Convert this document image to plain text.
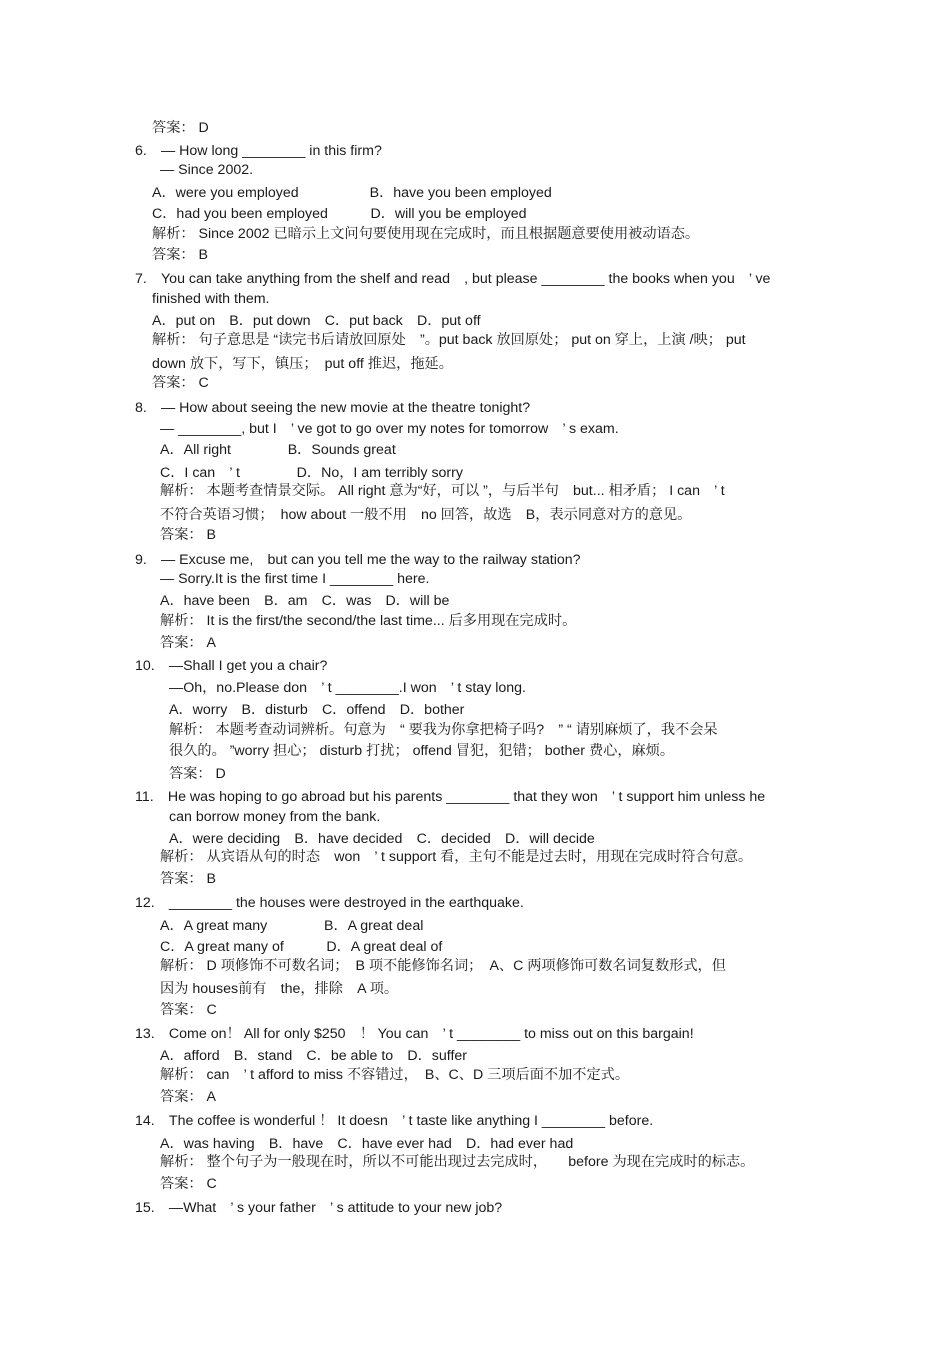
答案： D
6.　— How long ________ in this firm?
— Since 2002.
A．were you employed　　　　　B．have you been employed
C．had you been employed　　　D．will you be employed
解析： Since 2002 已暗示上文问句要使用现在完成时，而且根据题意要使用被动语态。
答案： B
7.　You can take anything from the shelf and read　, but please ________ the books when you　’ ve
finished with them.
A．put on　B．put down　C．put back　D．put off
解析： 句子意思是 “读完书后请放回原处　”。put back 放回原处； put on 穿上，上演 /映； put
down 放下，写下，镇压；　put off 推迟，拖延。
答案： C
8.　— How about seeing the new movie at the theatre tonight?
— ________, but I　’ ve got to go over my notes for tomorrow　’ s exam.
A．All right　　　　B．Sounds great
C．I can　’ t　　　　D．No，I am terribly sorry
解析： 本题考查情景交际。 All right 意为“好，可以 ”，与后半句　but... 相矛盾； I can　’ t
不符合英语习惯；　how about 一般不用　no 回答，故选　B，表示同意对方的意见。
答案： B
9.　— Excuse me,　but can you tell me the way to the railway station?
— Sorry.It is the first time I ________ here.
A．have been　B．am　C．was　D．will be
解析： It is the first/the second/the last time... 后多用现在完成时。
答案： A
10.　—Shall I get you a chair?
—Oh，no.Please don　’ t ________.I won　’ t stay long.
A．worry　B．disturb　C．offend　D．bother
解析： 本题考查动词辨析。句意为　“ 要我为你拿把椅子吗?　” “ 请别麻烦了，我不会呆
很久的。 ”worry 担心； disturb 打扰； offend 冒犯，犯错； bother 费心，麻烦。
答案： D
11.　He was hoping to go abroad but his parents ________ that they won　’ t support him unless he
can borrow money from the bank.
A．were deciding　B．have decided　C．decided　D．will decide
解析： 从宾语从句的时态　won　’ t support 看，主句不能是过去时，用现在完成时符合句意。
答案： B
12.　________ the houses were destroyed in the earthquake.
A．A great many　　　　B．A great deal
C．A great many of　　　D．A great deal of
解析： D 项修饰不可数名词；　B 项不能修饰名词；　A、C 两项修饰可数名词复数形式，但
因为 houses前有　the，排除　A 项。
答案： C
13.　Come on！ All for only $250　！ You can　’ t ________ to miss out on this bargain!
A．afford　B．stand　C．be able to　D．suffer
解析： can　’ t afford to miss 不容错过，　B、C、D 三项后面不加不定式。
答案： A
14.　The coffee is wonderful ！ It doesn　’ t taste like anything I ________ before.
A．was having　B．have　C．have ever had　D．had ever had
解析： 整个句子为一般现在时，所以不可能出现过去完成时，　　before 为现在完成时的标志。
答案： C
15.　—What　’ s your father　’ s attitude to your new job?
